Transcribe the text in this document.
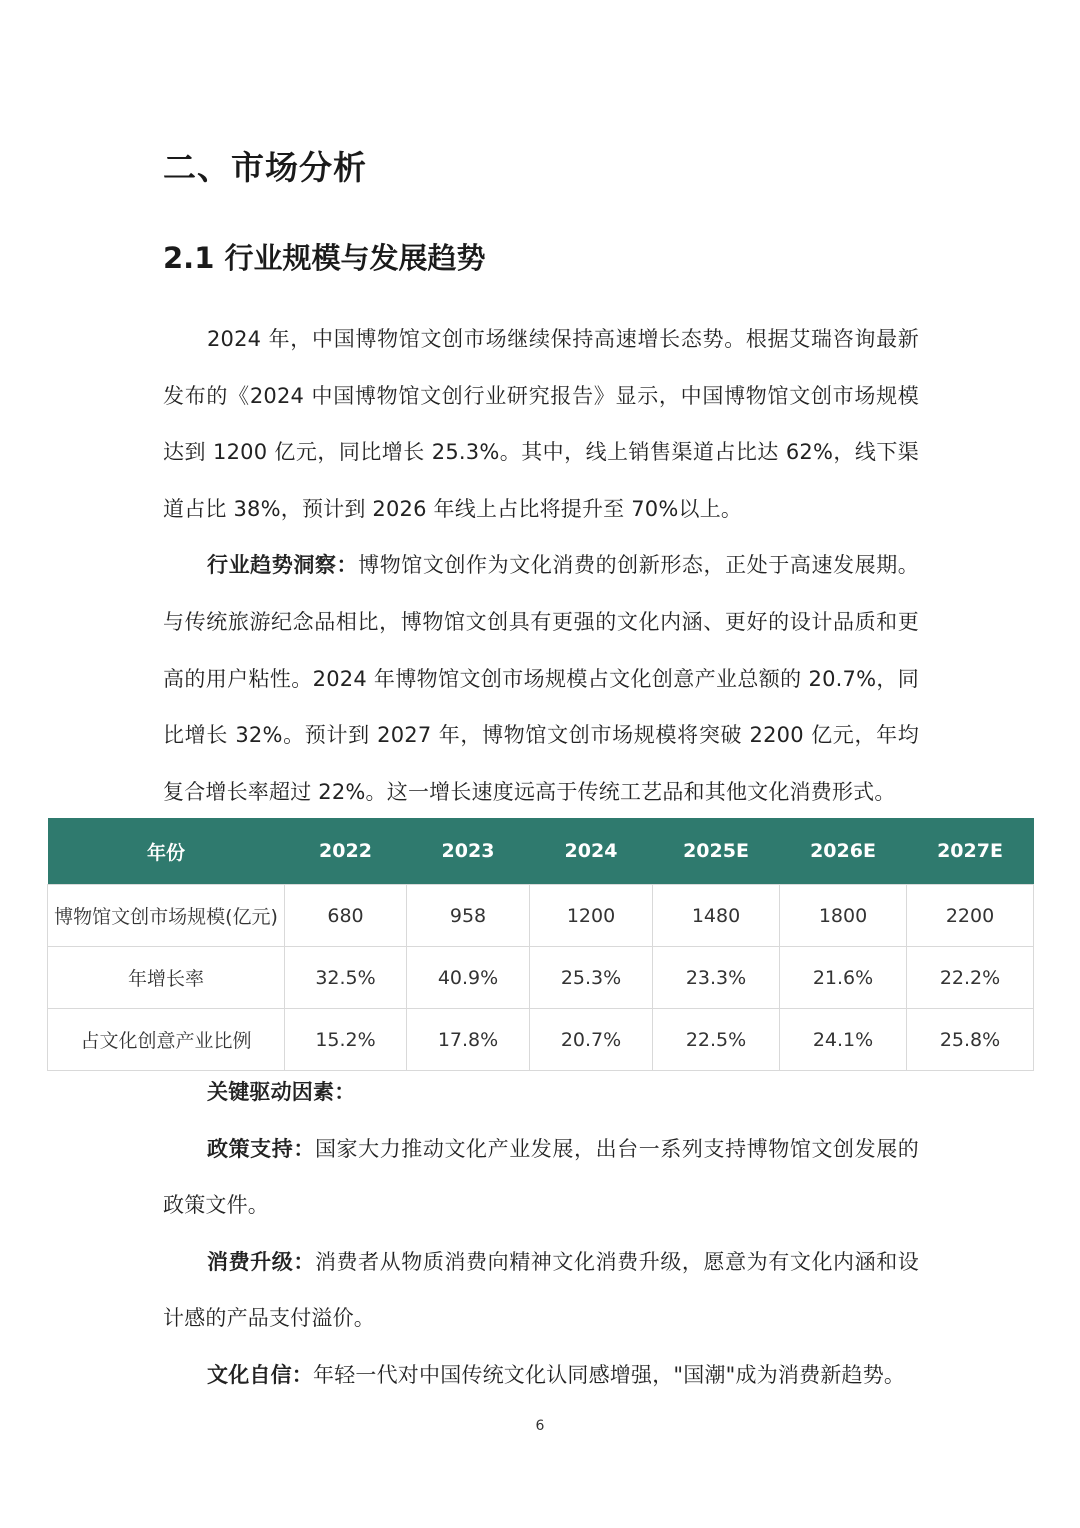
二、市场分析
2.1 行业规模与发展趋势

2024 年，中国博物馆文创市场继续保持高速增长态势。根据艾瑞咨询最新发布的《2024 中国博物馆文创行业研究报告》显示，中国博物馆文创市场规模达到 1200 亿元，同比增长 25.3%。其中，线上销售渠道占比达 62%，线下渠道占比 38%，预计到 2026 年线上占比将提升至 70%以上。

行业趋势洞察：博物馆文创作为文化消费的创新形态，正处于高速发展期。与传统旅游纪念品相比，博物馆文创具有更强的文化内涵、更好的设计品质和更高的用户粘性。2024 年博物馆文创市场规模占文化创意产业总额的 20.7%，同比增长 32%。预计到 2027 年，博物馆文创市场规模将突破 2200 亿元，年均复合增长率超过 22%。这一增长速度远高于传统工艺品和其他文化消费形式。

年份	2022	2023	2024	2025E	2026E	2027E
博物馆文创市场规模(亿元)	680	958	1200	1480	1800	2200
年增长率	32.5%	40.9%	25.3%	23.3%	21.6%	22.2%
占文化创意产业比例	15.2%	17.8%	20.7%	22.5%	24.1%	25.8%

关键驱动因素：

政策支持：国家大力推动文化产业发展，出台一系列支持博物馆文创发展的政策文件。

消费升级：消费者从物质消费向精神文化消费升级，愿意为有文化内涵和设计感的产品支付溢价。

文化自信：年轻一代对中国传统文化认同感增强，"国潮"成为消费新趋势。

6
